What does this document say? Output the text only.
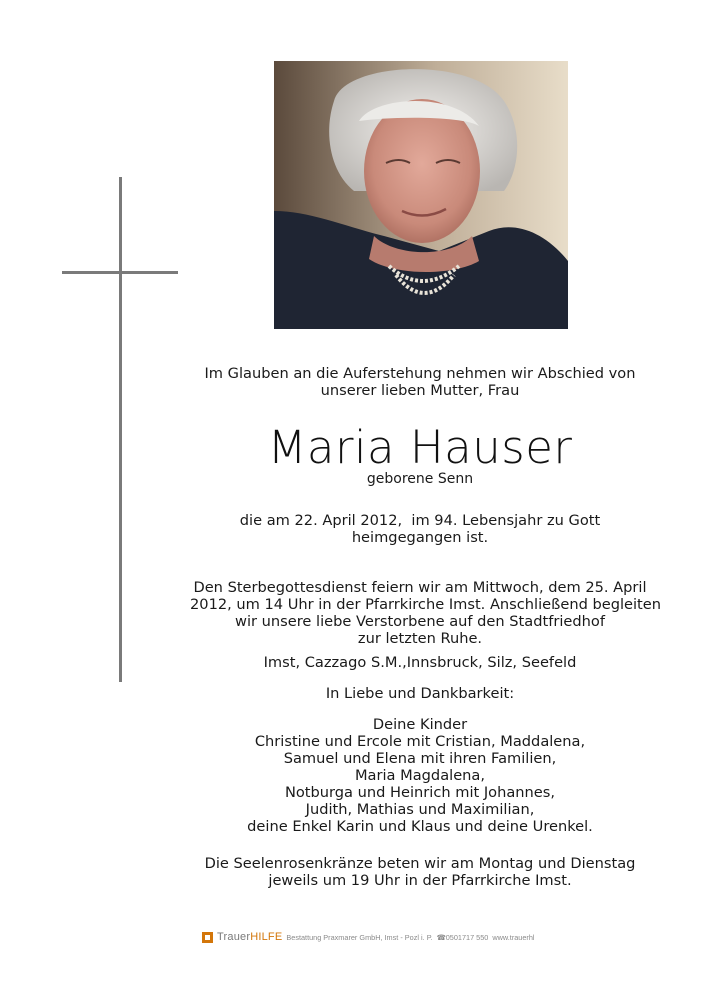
Im Glauben an die Auferstehung nehmen wir Abschied von
unserer lieben Mutter, Frau
Maria Hauser
geborene Senn
die am 22. April 2012,  im 94. Lebensjahr zu Gott
heimgegangen ist.
Den Sterbegottesdienst feiern wir am Mittwoch, dem 25. April
2012, um 14 Uhr in der Pfarrkirche Imst. Anschließend begleiten
wir unsere liebe Verstorbene auf den Stadtfriedhof
zur letzten Ruhe.
Imst, Cazzago S.M.,Innsbruck, Silz, Seefeld
In Liebe und Dankbarkeit:
Deine Kinder
Christine und Ercole mit Cristian, Maddalena,
Samuel und Elena mit ihren Familien,
Maria Magdalena,
Notburga und Heinrich mit Johannes,
Judith, Mathias und Maximilian,
deine Enkel Karin und Klaus und deine Urenkel.
Die Seelenrosenkränze beten wir am Montag und Dienstag
jeweils um 19 Uhr in der Pfarrkirche Imst.
TrauerHILFE Bestattung Praxmarer GmbH, Imst - Pozl i. P. ☎0501717 550 www.trauerhl
